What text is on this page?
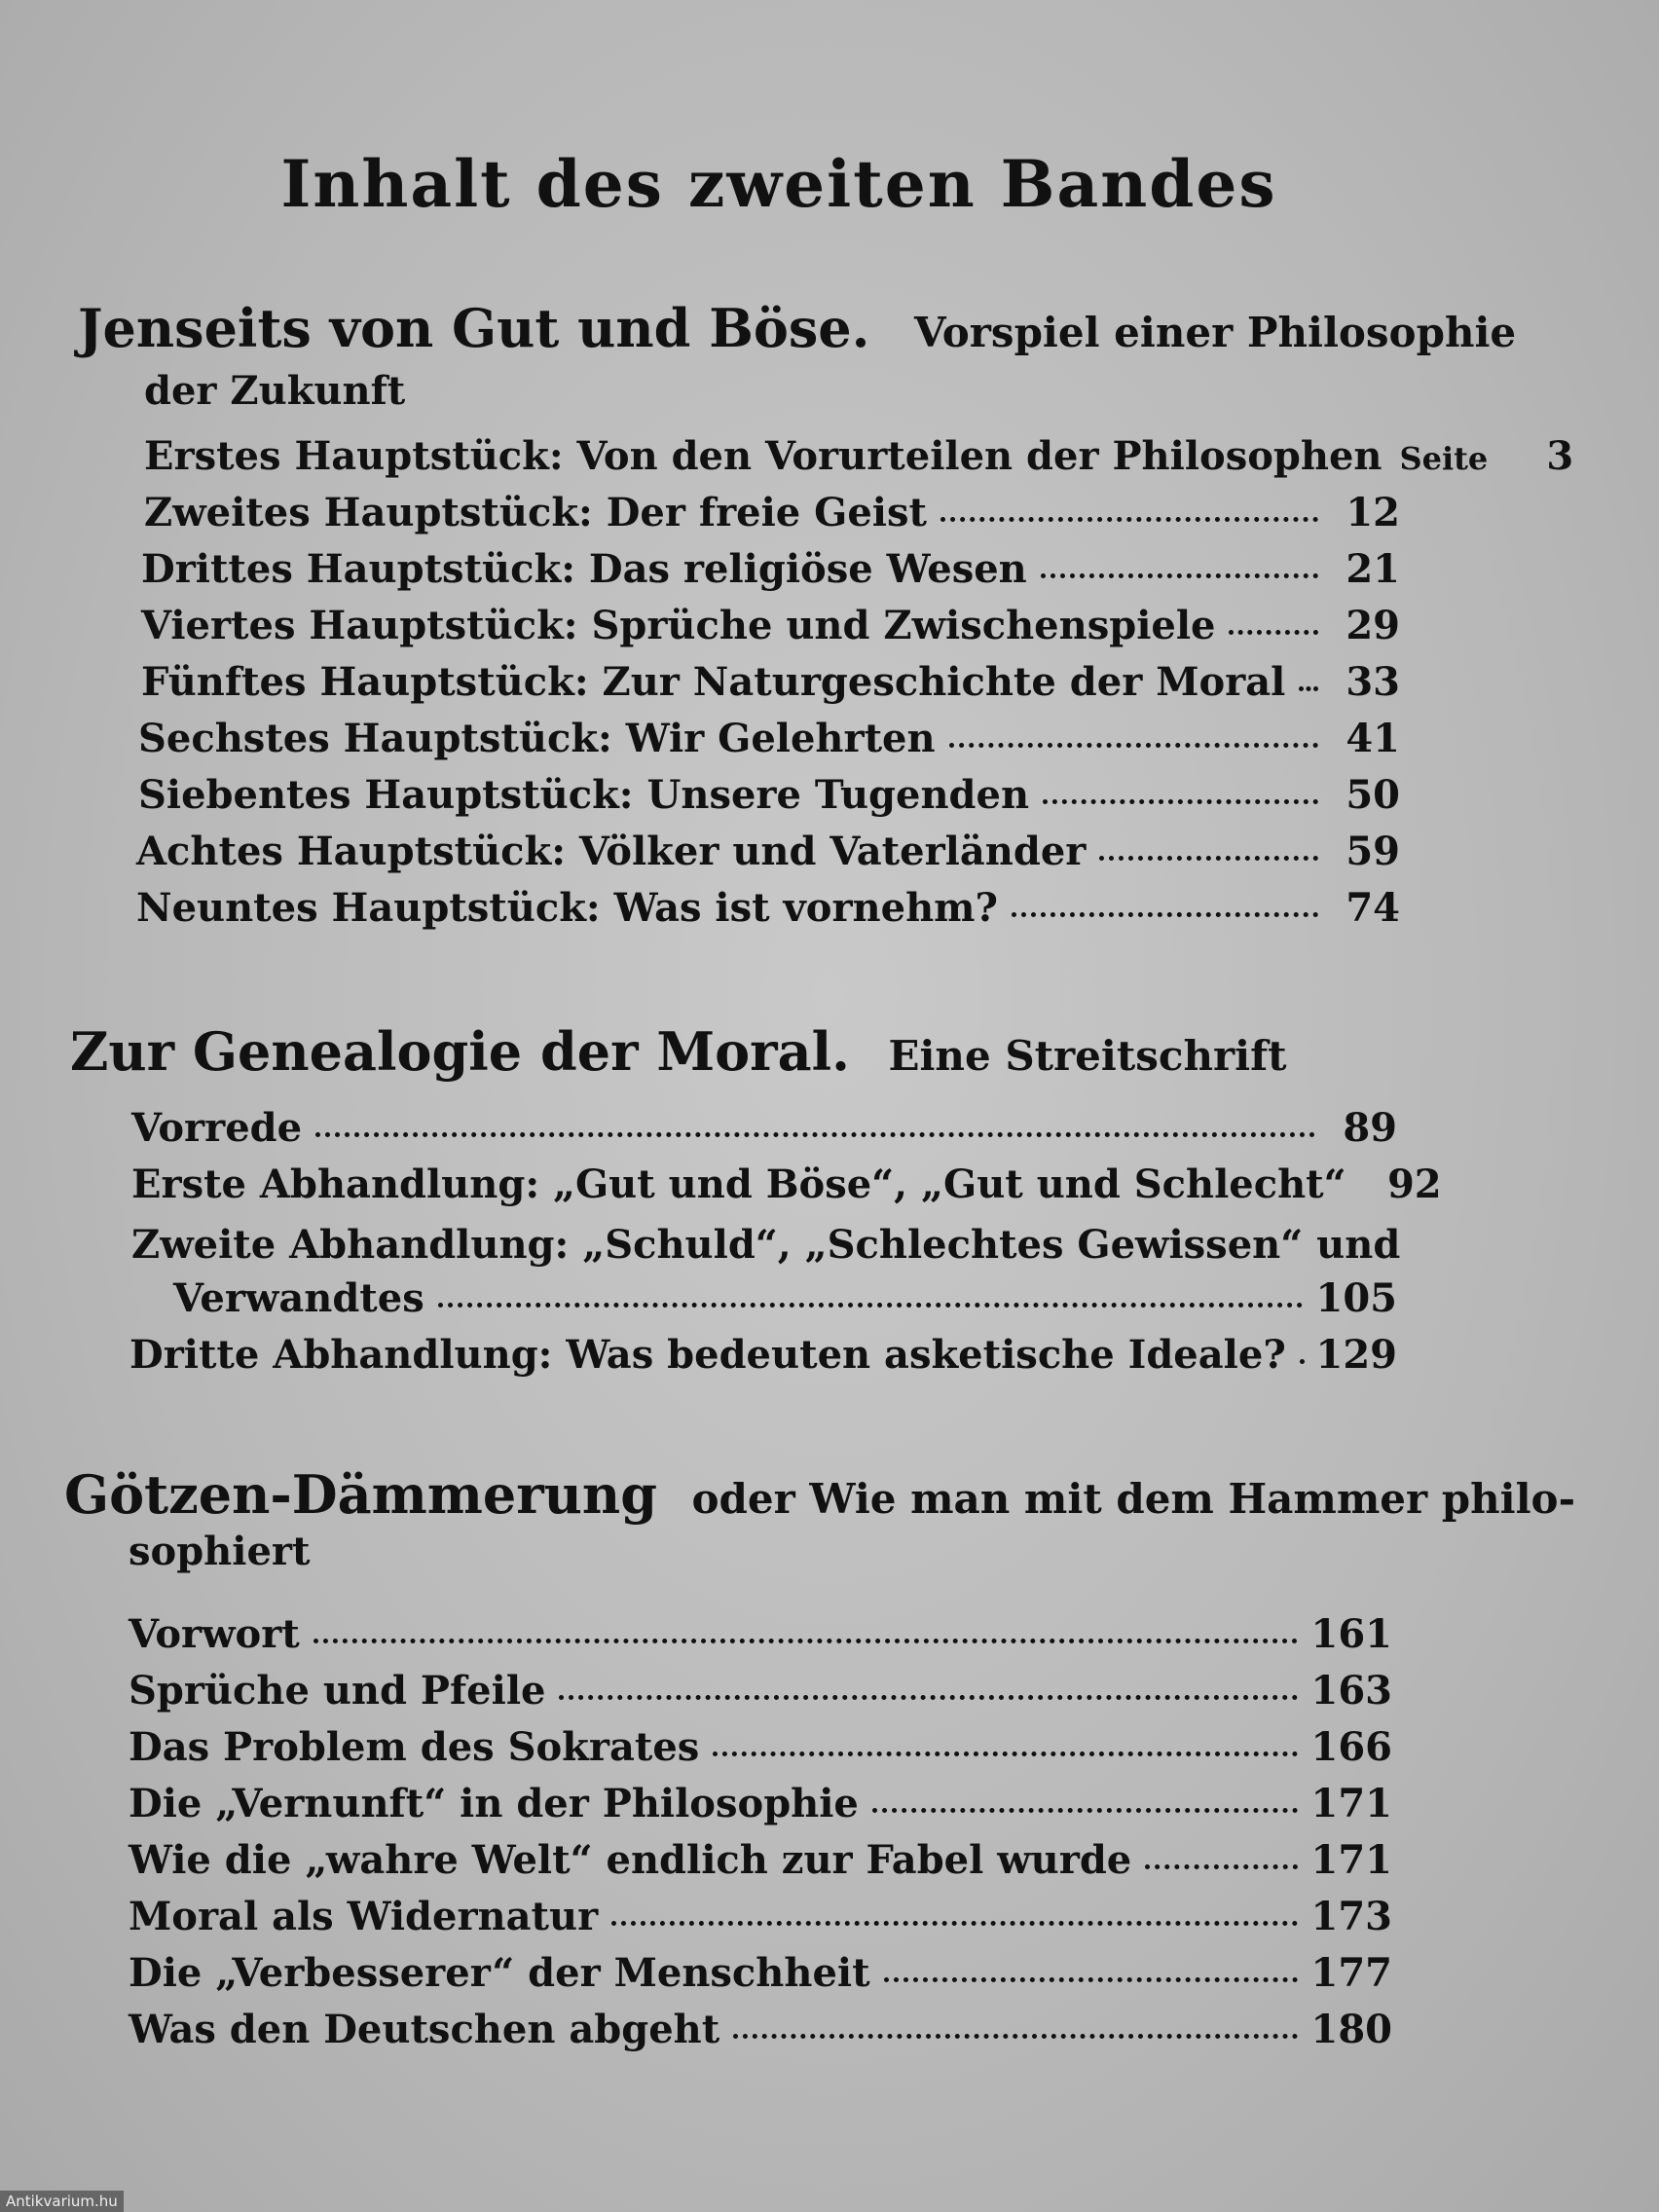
Inhalt des zweiten Bandes
Jenseits von Gut und Böse. Vorspiel einer Philosophie
der Zukunft
Erstes Hauptstück: Von den Vorurteilen der Philosophen Seite	3
Zweites Hauptstück: Der freie Geist	12
Drittes Hauptstück: Das religiöse Wesen	21
Viertes Hauptstück: Sprüche und Zwischenspiele	29
Fünftes Hauptstück: Zur Naturgeschichte der Moral	33
Sechstes Hauptstück: Wir Gelehrten	41
Siebentes Hauptstück: Unsere Tugenden	50
Achtes Hauptstück: Völker und Vaterländer	59
Neuntes Hauptstück: Was ist vornehm?	74
Zur Genealogie der Moral. Eine Streitschrift
Vorrede	89
Erste Abhandlung: „Gut und Böse“, „Gut und Schlecht“	92
Zweite Abhandlung: „Schuld“, „Schlechtes Gewissen“ und
Verwandtes	105
Dritte Abhandlung: Was bedeuten asketische Ideale? 129
Götzen-Dämmerung oder Wie man mit dem Hammer philo-
sophiert
Vorwort	161
Sprüche und Pfeile	163
Das Problem des Sokrates	166
Die „Vernunft“ in der Philosophie	171
Wie die „wahre Welt“ endlich zur Fabel wurde	171
Moral als Widernatur	173
Die „Verbesserer“ der Menschheit	177
Was den Deutschen abgeht	180
Antikvarium.hu
